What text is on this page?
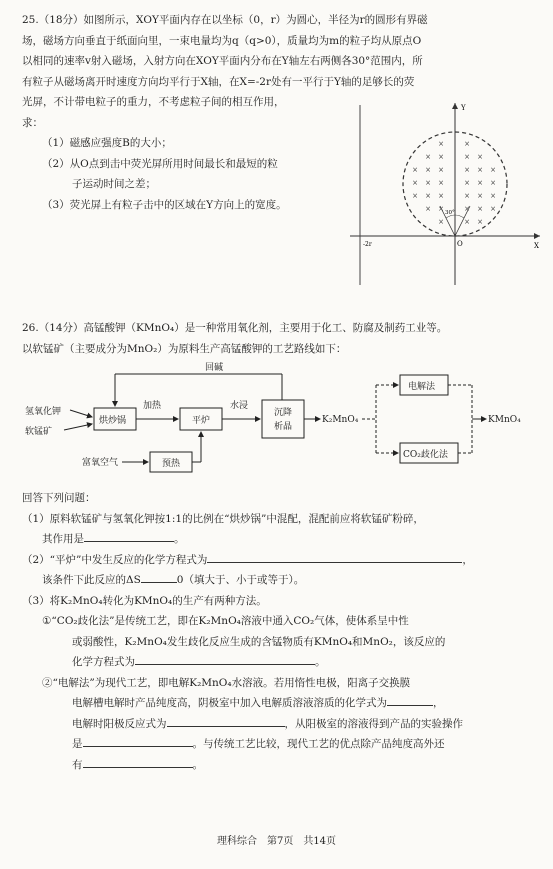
25.（18分）如图所示，XOY平面内存在以坐标（0，r）为圆心，半径为r的圆形有界磁
场，磁场方向垂直于纸面向里，一束电量均为q（q>0），质量均为m的粒子均从原点O
以相同的速率v射入磁场，入射方向在XOY平面内分布在Y轴左右两侧各30°范围内，所
有粒子从磁场离开时速度方向均平行于X轴，在X=-2r处有一平行于Y轴的足够长的荧
光屏，不计带电粒子的重力，不考虑粒子间的相互作用，
求：
（1）磁感应强度B的大小；
（2）从O点到击中荧光屏所用时间最长和最短的粒
子运动时间之差；
（3）荧光屏上有粒子击中的区域在Y方向上的宽度。
×
×
×
×
×
×
×
×
×
×
×
×
×
×
×
×
×
×
×
×
×
×
×
×
×
×
×
×
×
×
×
×
Y
X
O
-2r
30°
26.（14分）高锰酸钾（KMnO₄）是一种常用氧化剂，主要用于化工、防腐及制药工业等。
以软锰矿（主要成分为MnO₂）为原料生产高锰酸钾的工艺路线如下：
氢氧化钾
软锰矿
烘炒锅
加热
平炉
水浸
沉降
析晶
K₂MnO₄
回碱
富氧空气	预热
电解法
CO₂歧化法
KMnO₄
回答下列问题：
（1）原料软锰矿与氢氧化钾按1:1的比例在“烘炒锅”中混配，混配前应将软锰矿粉碎，
其作用是	。
（2）“平炉”中发生反应的化学方程式为	，
该条件下此反应的ΔS	0（填大于、小于或等于）。
（3）将K₂MnO₄转化为KMnO₄的生产有两种方法。
①“CO₂歧化法”是传统工艺，即在K₂MnO₄溶液中通入CO₂气体，使体系呈中性
或弱酸性，K₂MnO₄发生歧化反应生成的含锰物质有KMnO₄和MnO₂，该反应的
化学方程式为	。
②“电解法”为现代工艺，即电解K₂MnO₄水溶液。若用惰性电极，阳离子交换膜
电解槽电解时产品纯度高，阴极室中加入电解质溶液溶质的化学式为	，
电解时阳极反应式为	，从阳极室的溶液得到产品的实验操作
是	。与传统工艺比较，现代工艺的优点除产品纯度高外还
有	。
理科综合　第7页　共14页
